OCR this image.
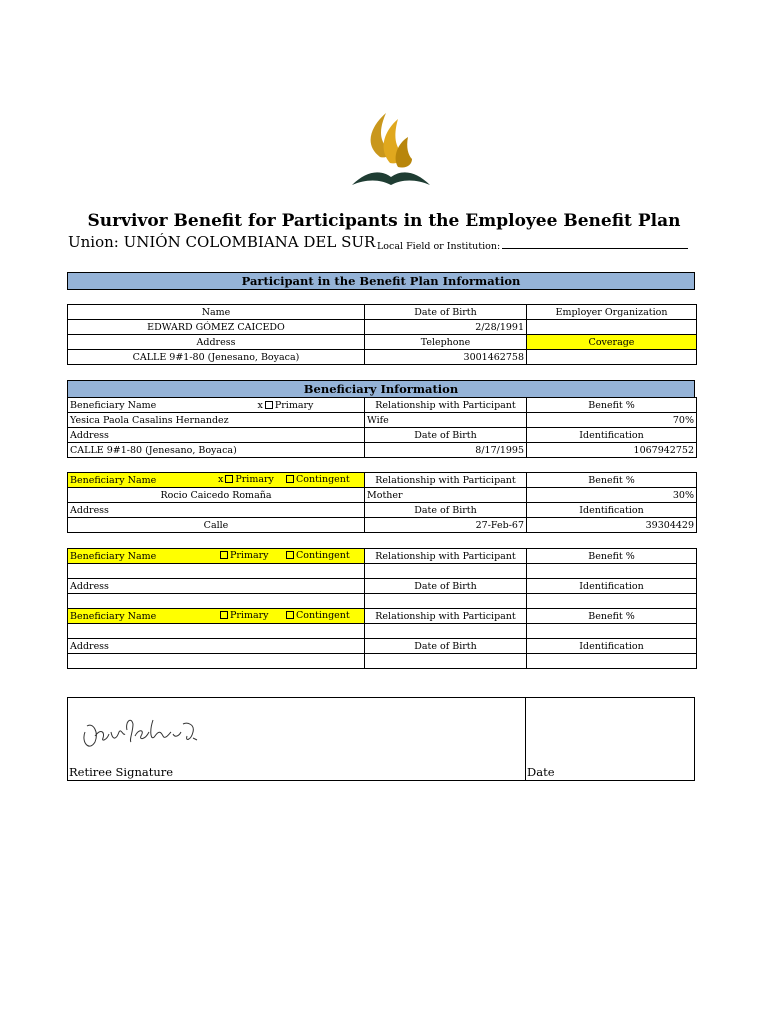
Survivor Benefit for Participants in the Employee Benefit Plan
Union: UNIÓN COLOMBIANA DEL SUR Local Field or Institution:
Participant in the Benefit Plan Information
Name	Date of Birth	Employer Organization
EDWARD GÓMEZ CAICEDO	2/28/1991	
Address	Telephone	Coverage
CALLE 9#1-80 (Jenesano, Boyaca)	3001462758	
Beneficiary Information
Beneficiary Name x Primary	Relationship with Participant	Benefit %
Yesica Paola Casalins Hernandez	Wife	70%
Address	Date of Birth	Identification
CALLE 9#1-80 (Jenesano, Boyaca)	8/17/1995	1067942752
Beneficiary Name x Primary Contingent	Relationship with Participant	Benefit %
Rocio Caicedo Romaña	Mother	30%
Address	Date of Birth	Identification
Calle	27-Feb-67	39304429
Beneficiary Name Primary Contingent	Relationship with Participant	Benefit %

Address	Date of Birth	Identification

Beneficiary Name Primary Contingent	Relationship with Participant	Benefit %

Address	Date of Birth	Identification

Retiree Signature	Date
